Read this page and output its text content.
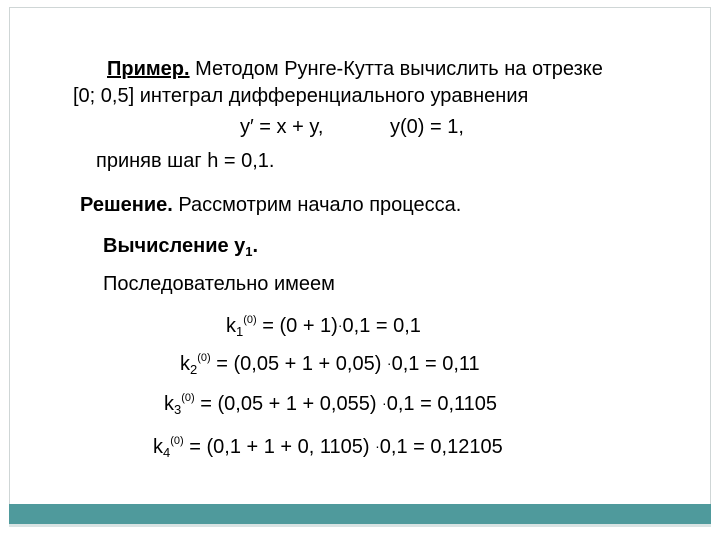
Пример. Методом Рунге-Кутта вычислить на отрезке
[0; 0,5] интеграл дифференциального уравнения
y′ = x + y,	y(0) = 1,
приняв шаг h = 0,1.
Решение. Рассмотрим начало процесса.
Вычисление $y_1$.
Последовательно имеем
$k_1^{(0)} = (0 + 1)\cdot 0,1 = 0,1$
$k_2^{(0)} = (0,05 + 1 + 0,05) \cdot 0,1 = 0,11$
$k_3^{(0)} = (0,05 + 1 + 0,055) \cdot 0,1 = 0,1105$
$k_4^{(0)} = (0,1 + 1 + 0$, 1105) ·0,1 = 0,12105
